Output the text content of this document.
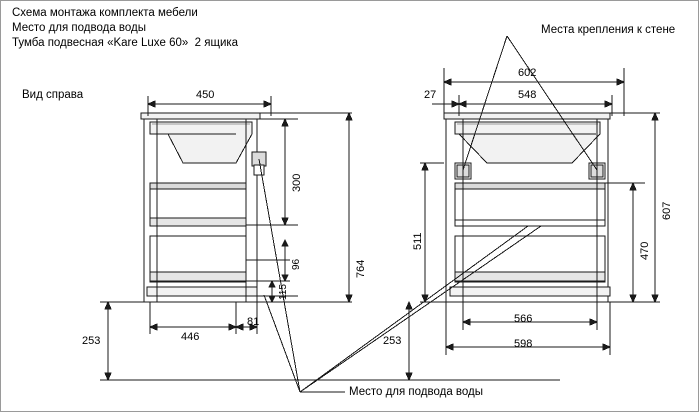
Схема монтажа комплекта мебели
Место для подвода воды
Тумба подвесная «Kare Luxe 60»  2 ящика
Вид справа
Места крепления к стене
Место для подвода воды
450
300
764
96
115
446
81
253
602
548
27
607
470
511
566
598
253
